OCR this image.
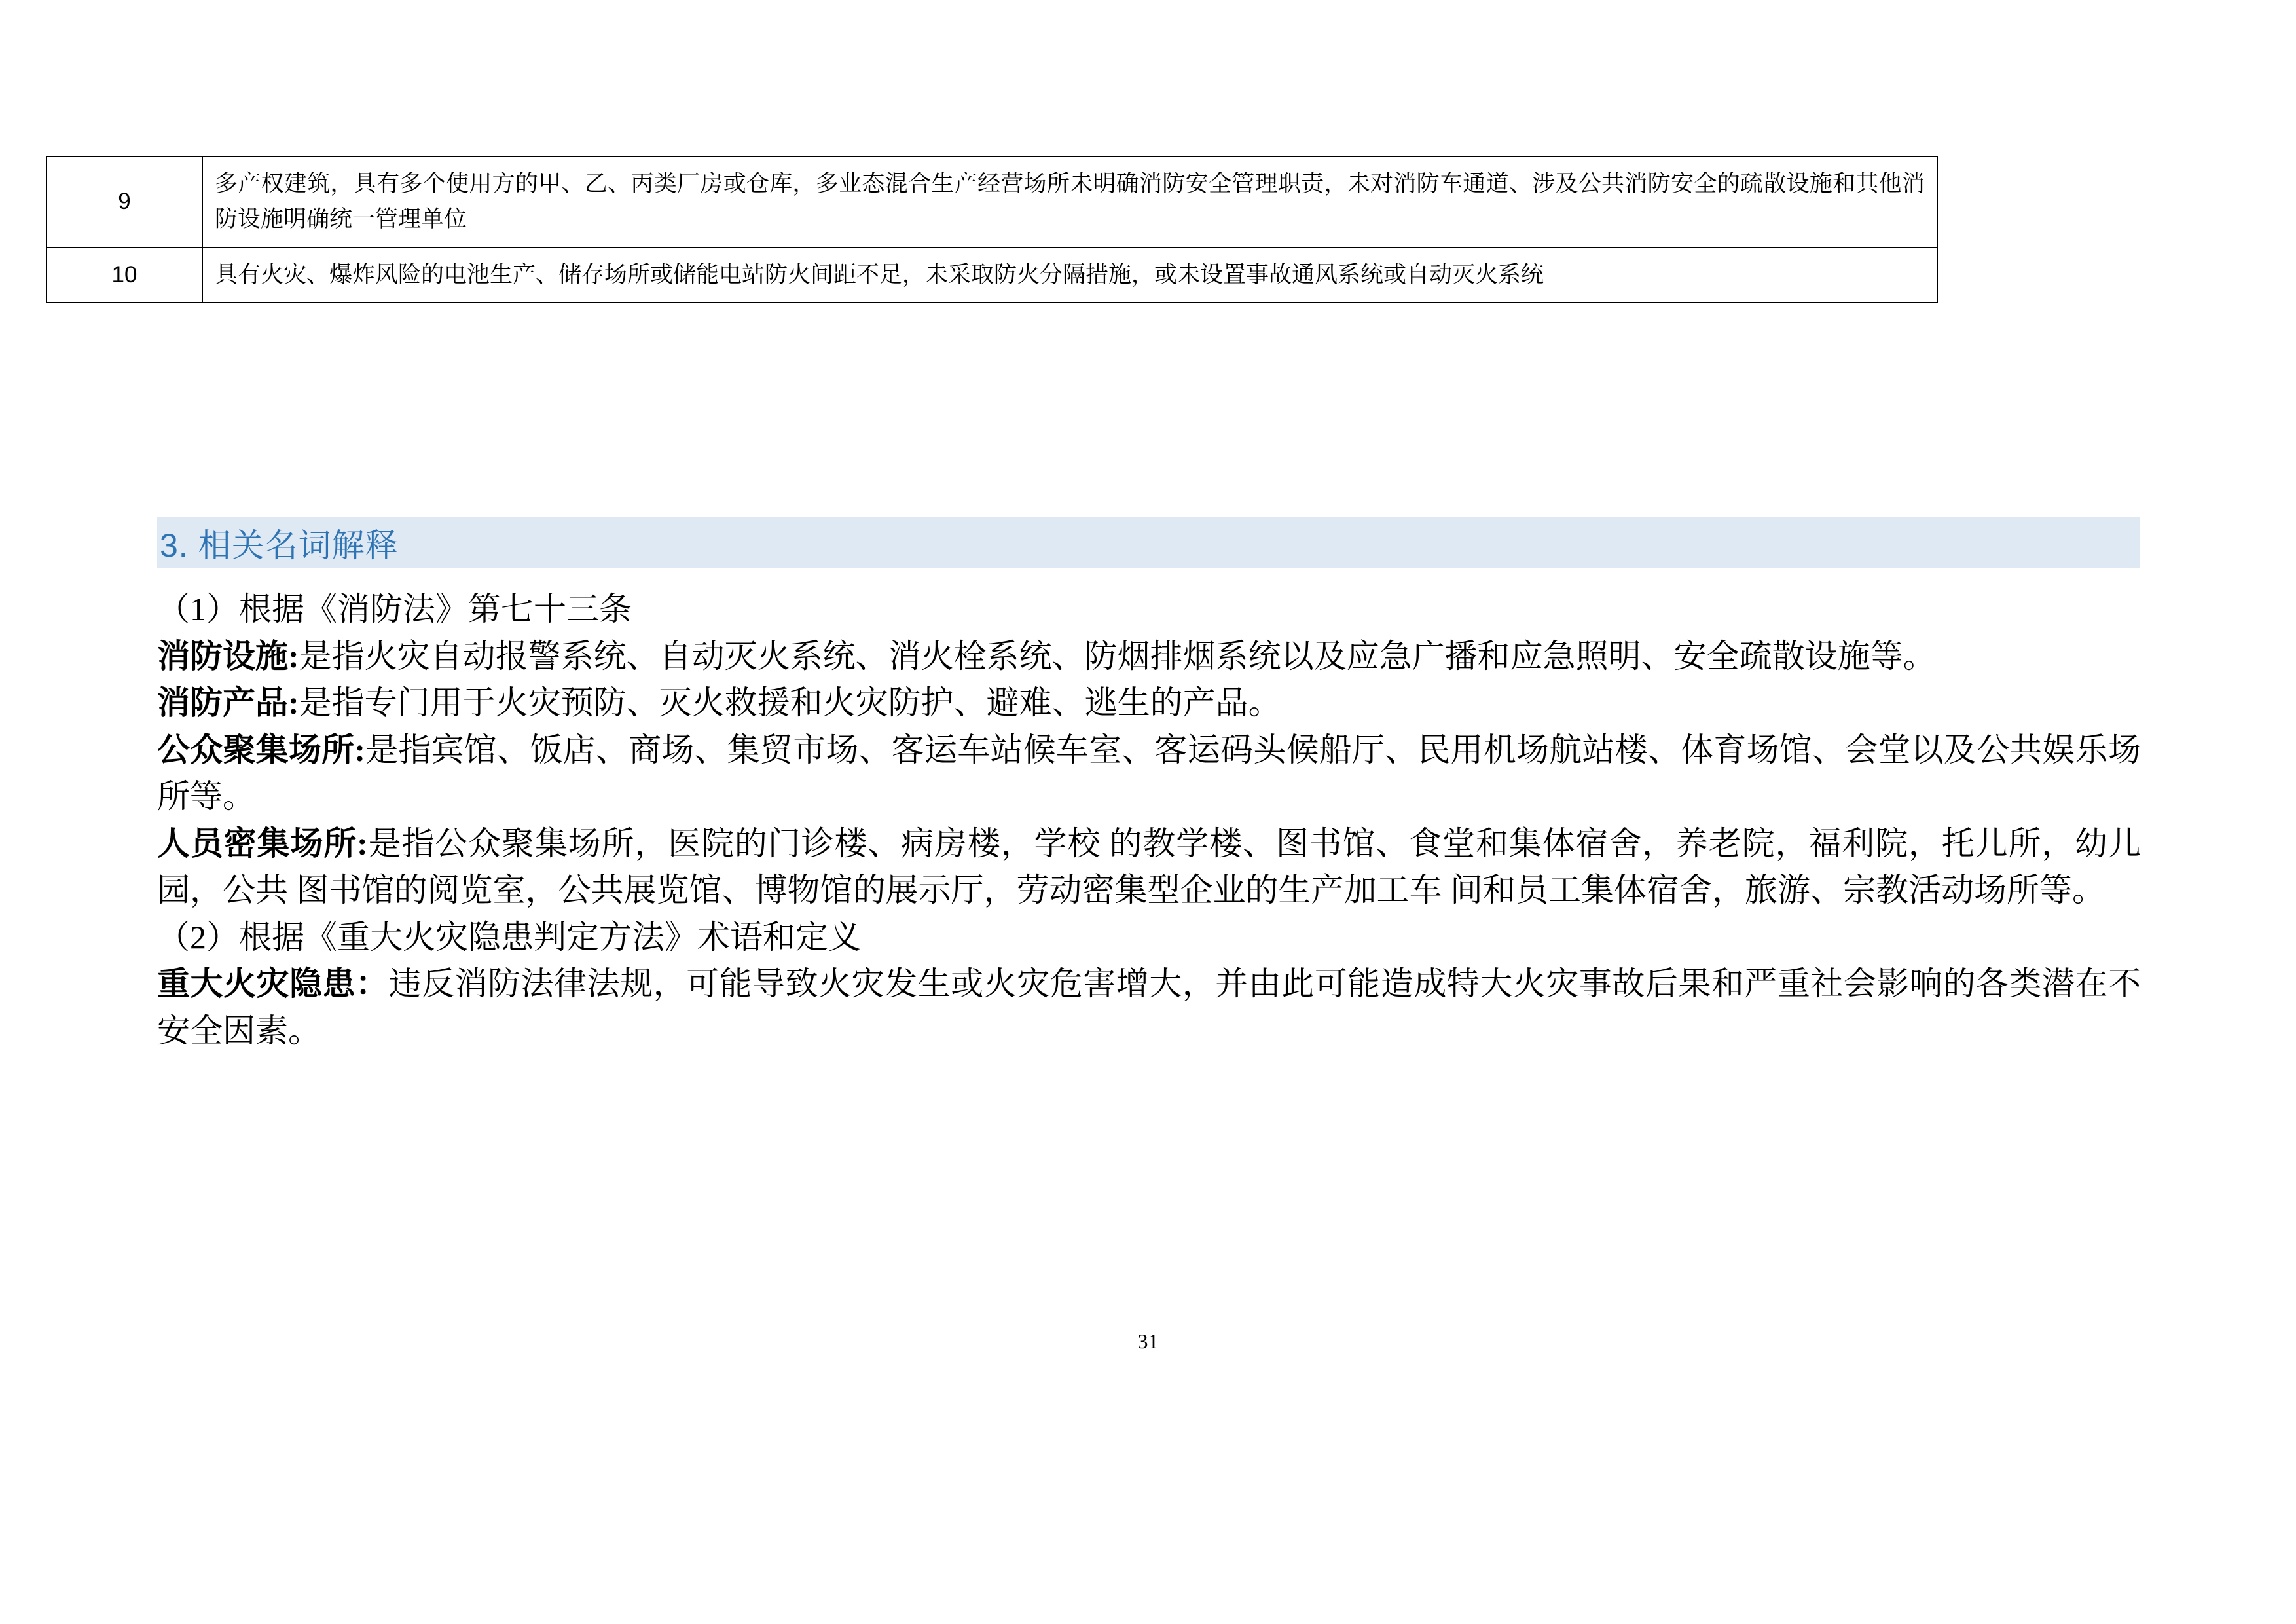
9	多产权建筑，具有多个使用方的甲、乙、丙类厂房或仓库，多业态混合生产经营场所未明确消防安全管理职责，未对消防车通道、涉及公共消防安全的疏散设施和其他消防设施明确统一管理单位
10	具有火灾、爆炸风险的电池生产、储存场所或储能电站防火间距不足，未采取防火分隔措施，或未设置事故通风系统或自动灭火系统
3. 相关名词解释

（1）根据《消防法》第七十三条

消防设施:是指火灾自动报警系统、自动灭火系统、消火栓系统、防烟排烟系统以及应急广播和应急照明、安全疏散设施等。

消防产品:是指专门用于火灾预防、灭火救援和火灾防护、避难、逃生的产品。

公众聚集场所:是指宾馆、饭店、商场、集贸市场、客运车站候车室、客运码头候船厅、民用机场航站楼、体育场馆、会堂以及公共娱乐场所等。

人员密集场所:是指公众聚集场所，医院的门诊楼、病房楼，学校 的教学楼、图书馆、食堂和集体宿舍，养老院，福利院，托儿所，幼儿园，公共 图书馆的阅览室，公共展览馆、博物馆的展示厅，劳动密集型企业的生产加工车 间和员工集体宿舍，旅游、宗教活动场所等。

（2）根据《重大火灾隐患判定方法》术语和定义

重大火灾隐患：违反消防法律法规，可能导致火灾发生或火灾危害增大，并由此可能造成特大火灾事故后果和严重社会影响的各类潜在不安全因素。

31
